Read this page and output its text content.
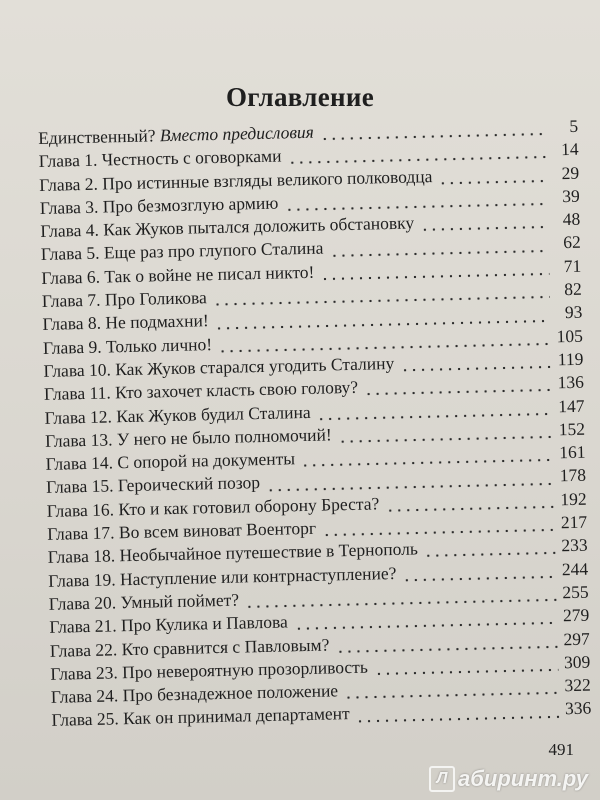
Оглавление
Единственный? Вместо предисловия	5
Глава 1. Честность с оговорками	14
Глава 2. Про истинные взгляды великого полководца	29
Глава 3. Про безмозглую армию	39
Глава 4. Как Жуков пытался доложить обстановку	48
Глава 5. Еще раз про глупого Сталина	62
Глава 6. Так о войне не писал никто!	71
Глава 7. Про Голикова	82
Глава 8. Не подмахни!	93
Глава 9. Только лично!	105
Глава 10. Как Жуков старался угодить Сталину	119
Глава 11. Кто захочет класть свою голову?	136
Глава 12. Как Жуков будил Сталина	147
Глава 13. У него не было полномочий!	152
Глава 14. С опорой на документы	161
Глава 15. Героический позор	178
Глава 16. Кто и как готовил оборону Бреста?	192
Глава 17. Во всем виноват Военторг	217
Глава 18. Необычайное путешествие в Тернополь	233
Глава 19. Наступление или контрнаступление?	244
Глава 20. Умный поймет?	255
Глава 21. Про Кулика и Павлова	279
Глава 22. Кто сравнится с Павловым?	297
Глава 23. Про невероятную прозорливость	309
Глава 24. Про безнадежное положение	322
Глава 25. Как он принимал департамент	336
491
Л абиринт.ру
